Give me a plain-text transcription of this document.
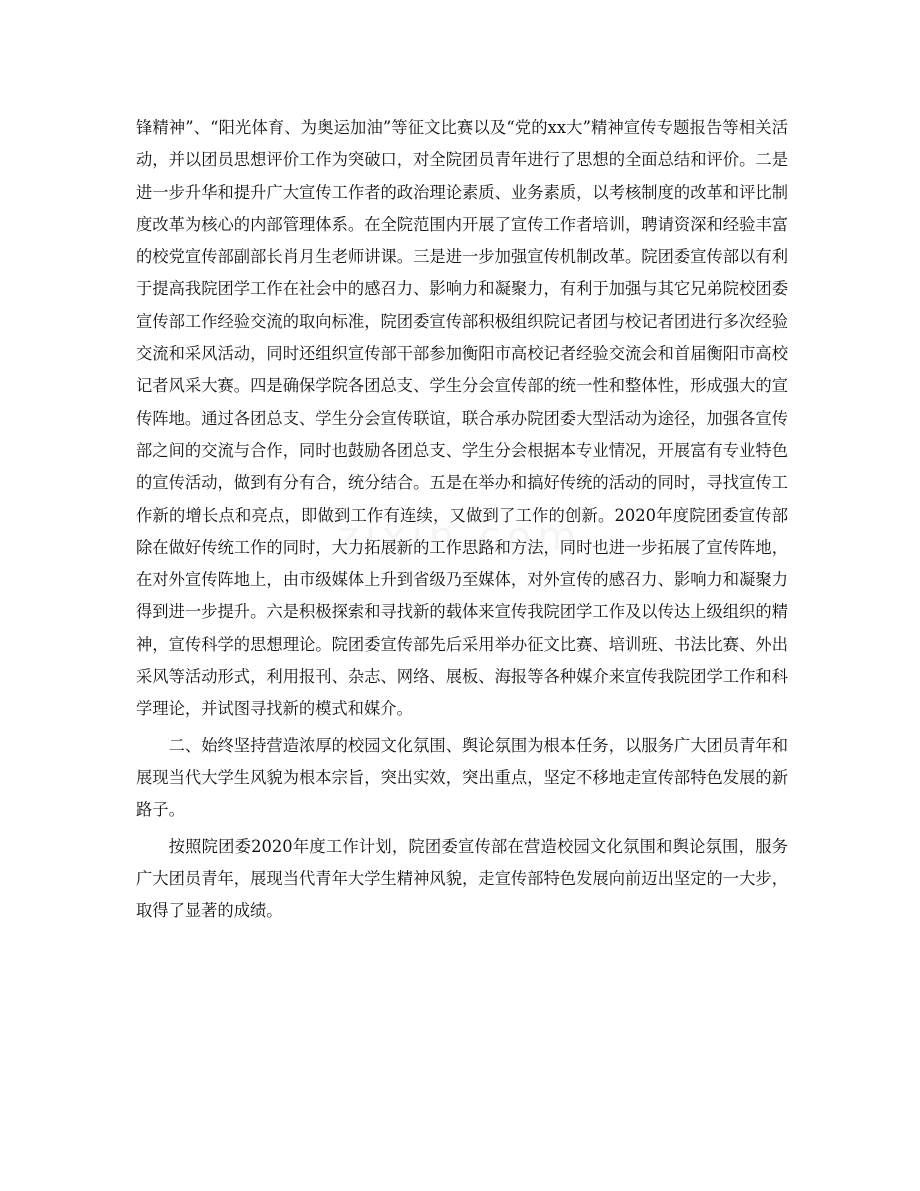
锋精神”、“阳光体育、为奥运加油”等征文比赛以及“党的xx大”精神宣传专题报告等相关活动，并以团员思想评价工作为突破口，对全院团员青年进行了思想的全面总结和评价。二是进一步升华和提升广大宣传工作者的政治理论素质、业务素质，以考核制度的改革和评比制度改革为核心的内部管理体系。在全院范围内开展了宣传工作者培训，聘请资深和经验丰富的校党宣传部副部长肖月生老师讲课。三是进一步加强宣传机制改革。院团委宣传部以有利于提高我院团学工作在社会中的感召力、影响力和凝聚力，有利于加强与其它兄弟院校团委宣传部工作经验交流的取向标准，院团委宣传部积极组织院记者团与校记者团进行多次经验交流和采风活动，同时还组织宣传部干部参加衡阳市高校记者经验交流会和首届衡阳市高校记者风采大赛。四是确保学院各团总支、学生分会宣传部的统一性和整体性，形成强大的宣传阵地。通过各团总支、学生分会宣传联谊，联合承办院团委大型活动为途径，加强各宣传部之间的交流与合作，同时也鼓励各团总支、学生分会根据本专业情况，开展富有专业特色的宣传活动，做到有分有合，统分结合。五是在举办和搞好传统的活动的同时，寻找宣传工作新的增长点和亮点，即做到工作有连续，又做到了工作的创新。2020年度院团委宣传部除在做好传统工作的同时，大力拓展新的工作思路和方法，同时也进一步拓展了宣传阵地，在对外宣传阵地上，由市级媒体上升到省级乃至媒体，对外宣传的感召力、影响力和凝聚力得到进一步提升。六是积极探索和寻找新的载体来宣传我院团学工作及以传达上级组织的精神，宣传科学的思想理论。院团委宣传部先后采用举办征文比赛、培训班、书法比赛、外出采风等活动形式，利用报刊、杂志、网络、展板、海报等各种媒介来宣传我院团学工作和科学理论，并试图寻找新的模式和媒介。

二、始终坚持营造浓厚的校园文化氛围、舆论氛围为根本任务，以服务广大团员青年和展现当代大学生风貌为根本宗旨，突出实效，突出重点，坚定不移地走宣传部特色发展的新路子。

按照院团委2020年度工作计划，院团委宣传部在营造校园文化氛围和舆论氛围，服务广大团员青年，展现当代青年大学生精神风貌，走宣传部特色发展向前迈出坚定的一大步，取得了显著的成绩。
